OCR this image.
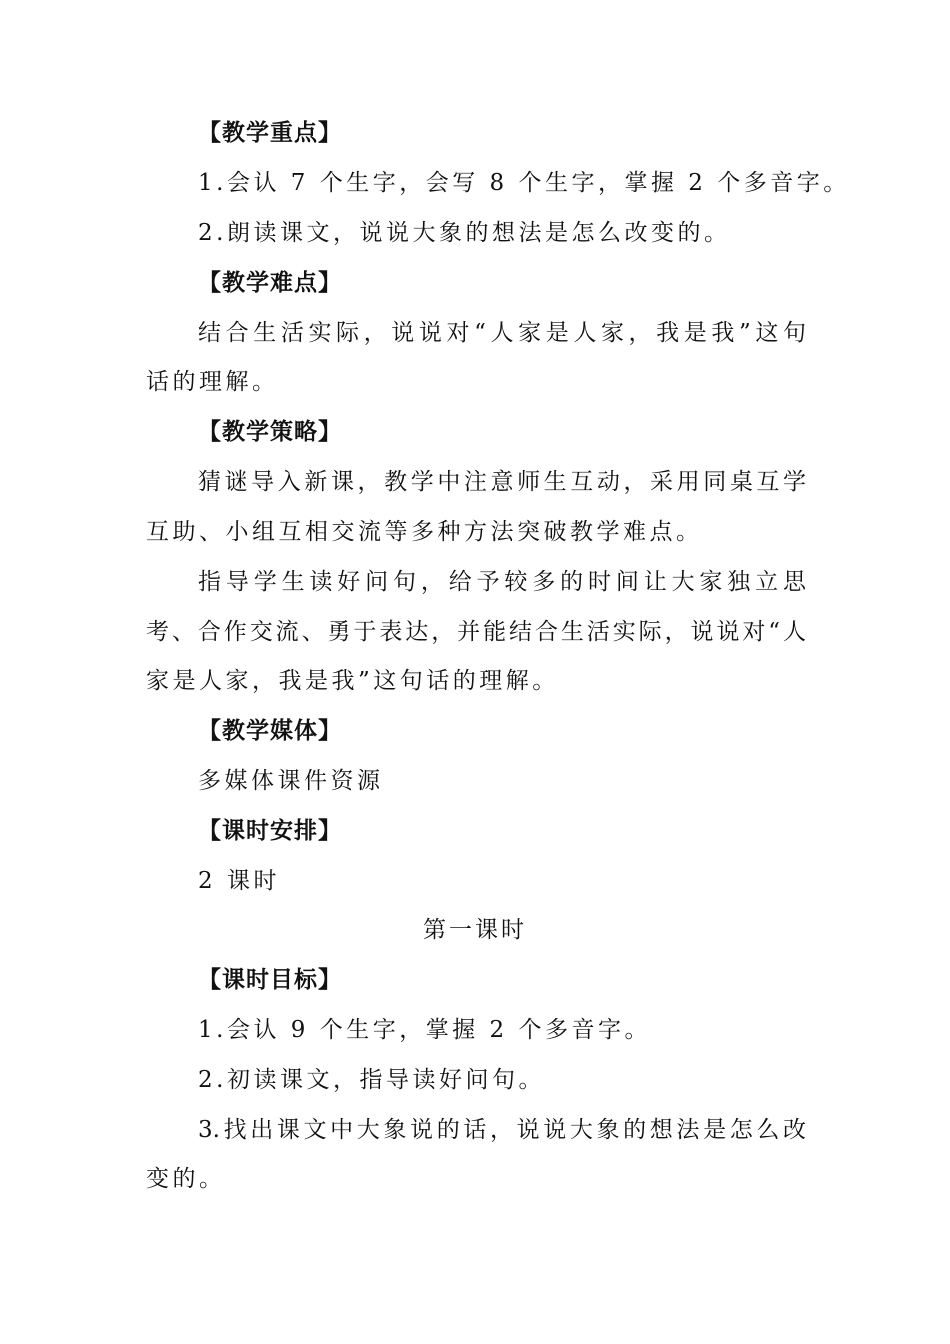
【教学重点】
1.会认 7 个生字，会写 8 个生字，掌握 2 个多音字。
2.朗读课文，说说大象的想法是怎么改变的。
【教学难点】
结合生活实际，说说对“人家是人家，我是我”这句
话的理解。
【教学策略】
猜谜导入新课，教学中注意师生互动，采用同桌互学
互助、小组互相交流等多种方法突破教学难点。
指导学生读好问句，给予较多的时间让大家独立思
考、合作交流、勇于表达，并能结合生活实际，说说对“人
家是人家，我是我”这句话的理解。
【教学媒体】
多媒体课件资源
【课时安排】
2 课时
第一课时
【课时目标】
1.会认 9 个生字，掌握 2 个多音字。
2.初读课文，指导读好问句。
3.找出课文中大象说的话，说说大象的想法是怎么改
变的。
